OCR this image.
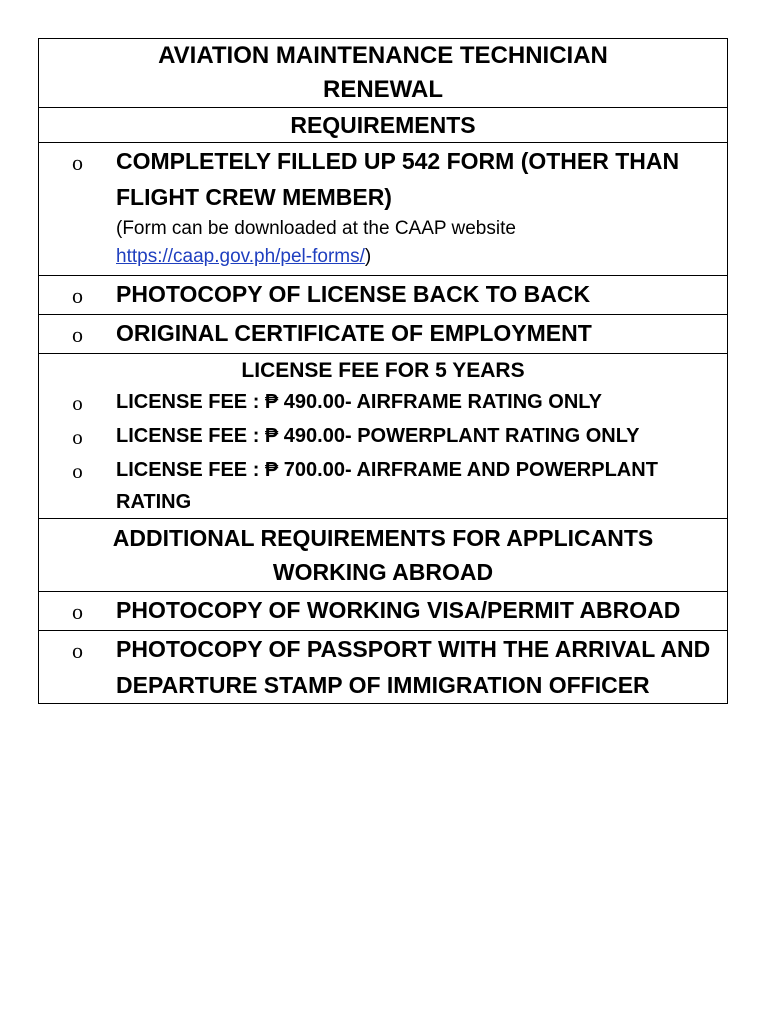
AVIATION MAINTENANCE TECHNICIAN
RENEWAL

REQUIREMENTS

o	COMPLETELY FILLED UP 542 FORM (OTHER THAN FLIGHT CREW MEMBER)
(Form can be downloaded at the CAAP website
https://caap.gov.ph/pel-forms/)

o	PHOTOCOPY OF LICENSE BACK TO BACK

o	ORIGINAL CERTIFICATE OF EMPLOYMENT

LICENSE FEE FOR 5 YEARS
o	LICENSE FEE : ₱ 490.00- AIRFRAME RATING ONLY
o	LICENSE FEE : ₱ 490.00- POWERPLANT RATING ONLY
o	LICENSE FEE : ₱ 700.00- AIRFRAME AND POWERPLANT RATING

ADDITIONAL REQUIREMENTS FOR APPLICANTS WORKING ABROAD

o	PHOTOCOPY OF WORKING VISA/PERMIT ABROAD

o	PHOTOCOPY OF PASSPORT WITH THE ARRIVAL AND DEPARTURE STAMP OF IMMIGRATION OFFICER
